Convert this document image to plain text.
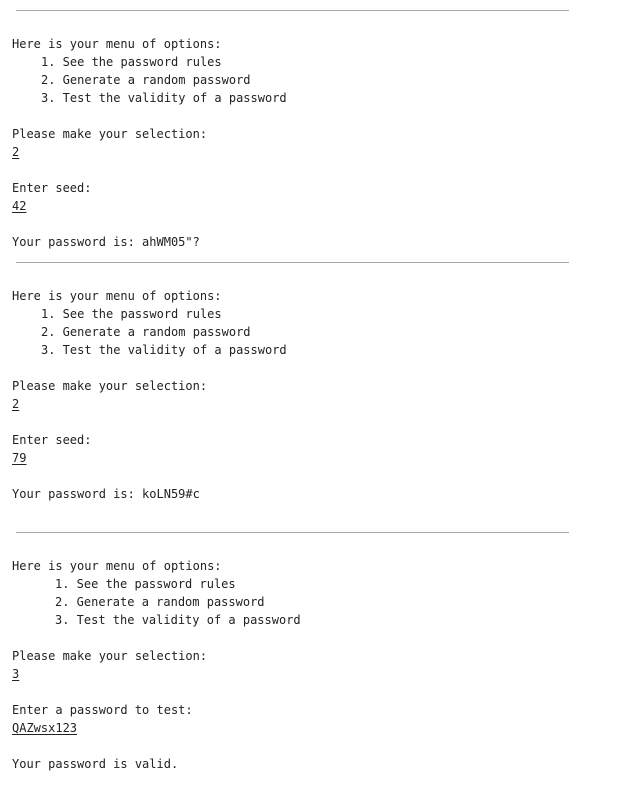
Here is your menu of options:
1. See the password rules
2. Generate a random password
3. Test the validity of a password
Please make your selection:
2
Enter seed:
42
Your password is: ahWM05"?
Here is your menu of options:
1. See the password rules
2. Generate a random password
3. Test the validity of a password
Please make your selection:
2
Enter seed:
79
Your password is: koLN59#c
Here is your menu of options:
1. See the password rules
2. Generate a random password
3. Test the validity of a password
Please make your selection:
3
Enter a password to test:
QAZwsx123
Your password is valid.
